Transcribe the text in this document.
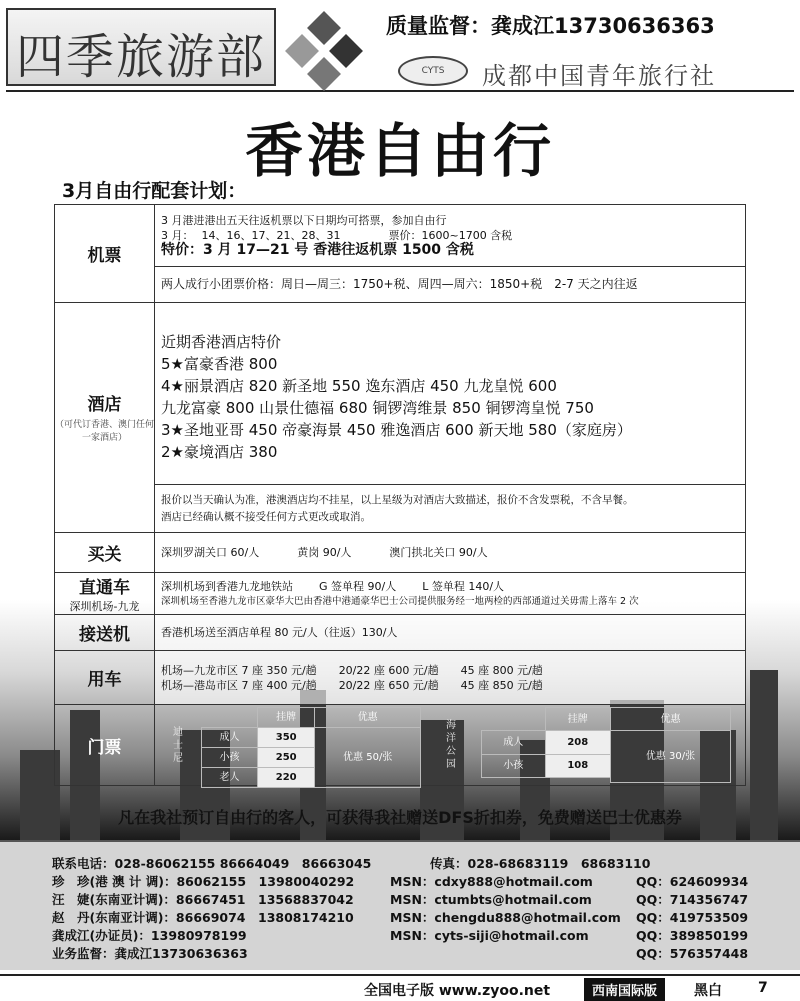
四季旅游部
质量监督：龚成江13730636363
CYTS	成都中国青年旅行社
香港自由行
3月自由行配套计划：
机票	
3 月港进港出五天往返机票以下日期均可搭票，参加自由行
3 月： 14、16、17、21、28、31	票价：1600~1700 含税
特价：3 月 17—21 号 香港往返机票 1500 含税

两人成行小团票价格：周日—周三：1750+税、周四—周六：1850+税　2-7 天之内往返
酒店
（可代订香港、澳门任何一家酒店）

近期香港酒店特价
5★富豪香港 800
4★丽景酒店 820 新圣地 550 逸东酒店 450 九龙皇悦 600
九龙富豪 800 山景仕德福 680 铜锣湾维景 850 铜锣湾皇悦 750
3★圣地亚哥 450 帝豪海景 450 雅逸酒店 600 新天地 580（家庭房）
2★豪境酒店 380

报价以当天确认为准，港澳酒店均不挂星，以上星级为对酒店大致描述，报价不含发票税，不含早餐。
酒店已经确认概不接受任何方式更改或取消。

买关	深圳罗湖关口 60/人	黄岗 90/人	澳门拱北关口 90/人

直通车
深圳机场-九龙

深圳机场到香港九龙地铁站 G 签单程 90/人 L 签单程 140/人
深圳机场至香港九龙市区豪华大巴由香港中港通豪华巴士公司提供服务经一地两检的西部通道过关毋需上落车 2 次

接送机	香港机场送至酒店单程 80 元/人（往返）130/人
用车	机场—九龙市区 7 座 350 元/趟 20/22 座 600 元/趟 45 座 800 元/趟
机场—港岛市区 7 座 400 元/趟 20/22 座 650 元/趟 45 座 850 元/趟

门票	
迪
士
尼
	挂牌	优惠
成人	350	优惠 50/张
小孩	250
老人	220
海
洋
公
园
	挂牌	优惠
成人	208	优惠 30/张
小孩	108

凡在我社预订自由行的客人，可获得我社赠送DFS折扣券，免费赠送巴士优惠券
联系电话：028-86062155 86664049　86663045	传真：028-68683119　68683110
珍　珍(港 澳 计 调)：86062155　13980040292	MSN：cdxy888@hotmail.com	QQ：624609934
汪　婕(东南亚计调)：86667451　13568837042	MSN：ctumbts@hotmail.com	QQ：714356747
赵　丹(东南亚计调)：86669074　13808174210	MSN：chengdu888@hotmail.com QQ：419753509
龚成江(办证员)：13980978199	MSN：cyts-siji@hotmail.com	QQ：389850199
业务监督：龚成江13730636363	QQ：576357448
全国电子版 www.zyoo.net	西南国际版	黑白	7
